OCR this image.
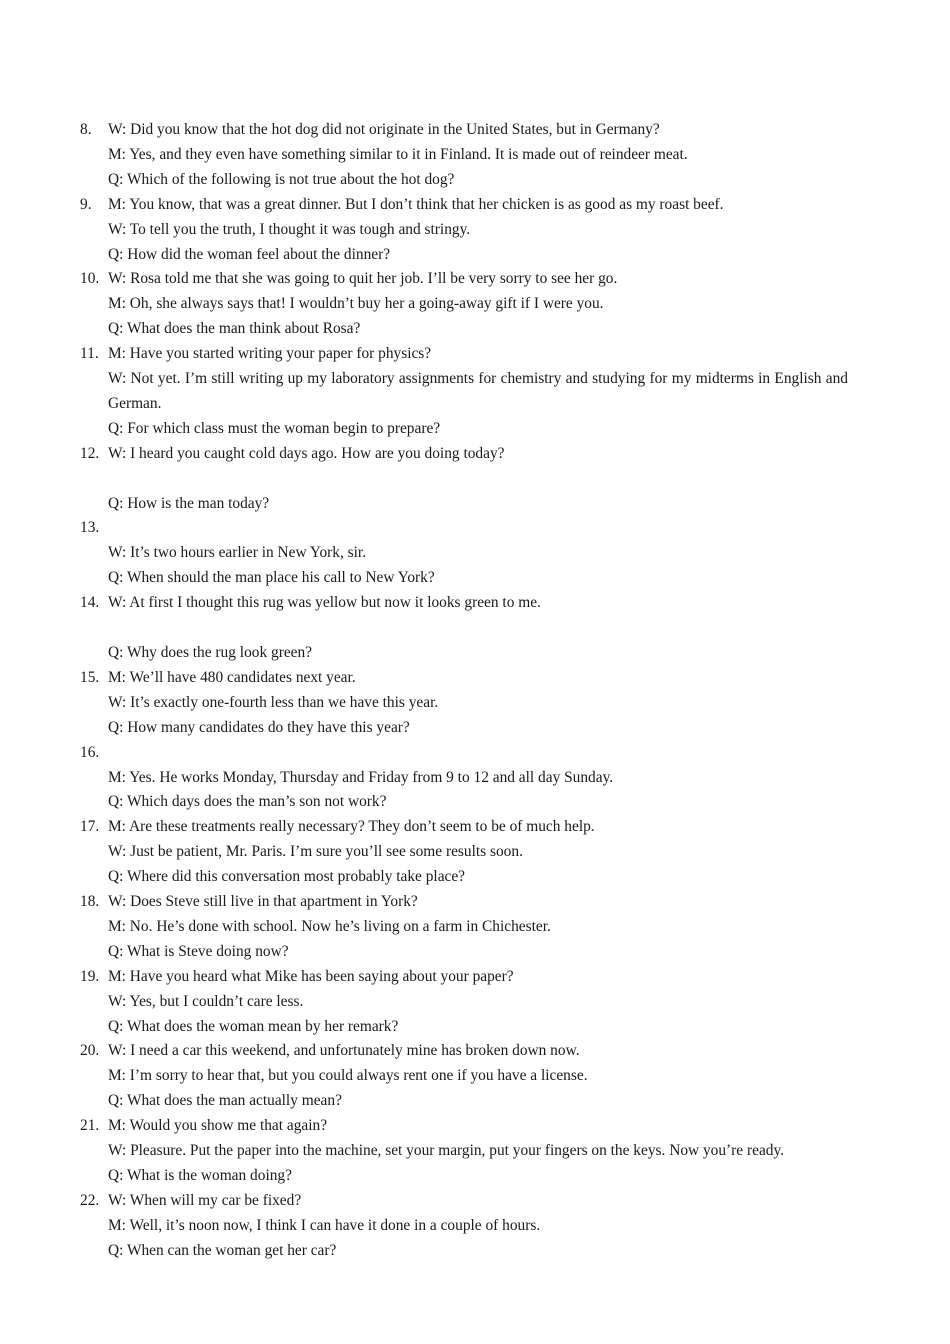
8.	W: Did you know that the hot dog did not originate in the United States, but in Germany?
M: Yes, and they even have something similar to it in Finland. It is made out of reindeer meat.
Q: Which of the following is not true about the hot dog?
9.	M: You know, that was a great dinner. But I don’t think that her chicken is as good as my roast beef.
W: To tell you the truth, I thought it was tough and stringy.
Q: How did the woman feel about the dinner?
10. W: Rosa told me that she was going to quit her job. I’ll be very sorry to see her go.
M: Oh, she always says that! I wouldn’t buy her a going-away gift if I were you.
Q: What does the man think about Rosa?
11. M: Have you started writing your paper for physics?
W: Not yet. I’m still writing up my laboratory assignments for chemistry and studying for my midterms in English and German.
Q: For which class must the woman begin to prepare?
12. W: I heard you caught cold days ago. How are you doing today?
Q: How is the man today?
13.
W: It’s two hours earlier in New York, sir.
Q: When should the man place his call to New York?
14. W: At first I thought this rug was yellow but now it looks green to me.
Q: Why does the rug look green?
15. M: We’ll have 480 candidates next year.
W: It’s exactly one-fourth less than we have this year.
Q: How many candidates do they have this year?
16.
M: Yes. He works Monday, Thursday and Friday from 9 to 12 and all day Sunday.
Q: Which days does the man’s son not work?
17. M: Are these treatments really necessary? They don’t seem to be of much help.
W: Just be patient, Mr. Paris. I’m sure you’ll see some results soon.
Q: Where did this conversation most probably take place?
18. W: Does Steve still live in that apartment in York?
M: No. He’s done with school. Now he’s living on a farm in Chichester.
Q: What is Steve doing now?
19. M: Have you heard what Mike has been saying about your paper?
W: Yes, but I couldn’t care less.
Q: What does the woman mean by her remark?
20. W: I need a car this weekend, and unfortunately mine has broken down now.
M: I’m sorry to hear that, but you could always rent one if you have a license.
Q: What does the man actually mean?
21. M: Would you show me that again?
W: Pleasure. Put the paper into the machine, set your margin, put your fingers on the keys. Now you’re ready.
Q: What is the woman doing?
22. W: When will my car be fixed?
M: Well, it’s noon now, I think I can have it done in a couple of hours.
Q: When can the woman get her car?
